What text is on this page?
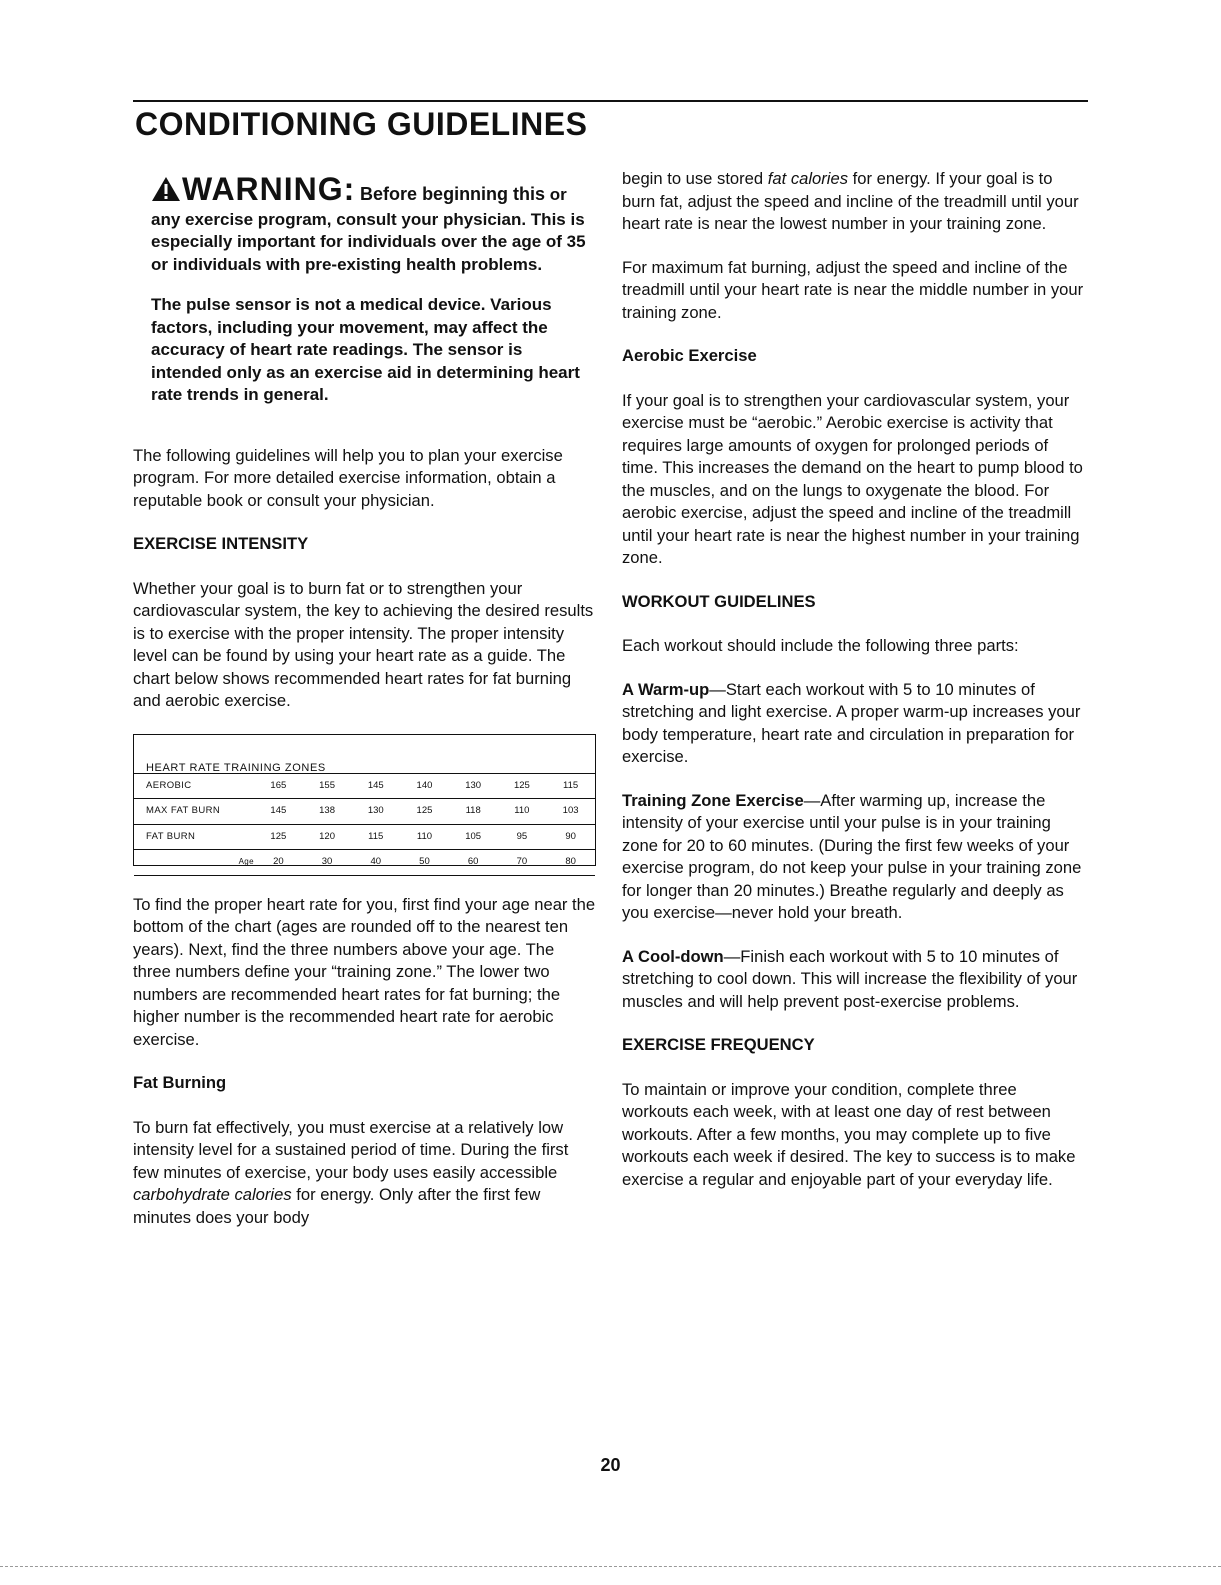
CONDITIONING GUIDELINES

WARNING: Before beginning this or any exercise program, consult your physician. This is especially important for individuals over the age of 35 or individuals with pre-existing health problems.

The pulse sensor is not a medical device. Various factors, including your movement, may affect the accuracy of heart rate readings. The sensor is intended only as an exercise aid in determining heart rate trends in general.

The following guidelines will help you to plan your exercise program. For more detailed exercise information, obtain a reputable book or consult your physician.

EXERCISE INTENSITY

Whether your goal is to burn fat or to strengthen your cardiovascular system, the key to achieving the desired results is to exercise with the proper intensity. The proper intensity level can be found by using your heart rate as a guide. The chart below shows recommended heart rates for fat burning and aerobic exercise.

HEART RATE TRAINING ZONES
AEROBIC	165	155	145	140	130	125	115
MAX FAT BURN	145	138	130	125	118	110	103
FAT BURN	125	120	115	110	105	95	90
Age	20	30	40	50	60	70	80

To find the proper heart rate for you, first find your age near the bottom of the chart (ages are rounded off to the nearest ten years). Next, find the three numbers above your age. The three numbers define your “training zone.” The lower two numbers are recommended heart rates for fat burning; the higher number is the recommended heart rate for aerobic exercise.

Fat Burning

To burn fat effectively, you must exercise at a relatively low intensity level for a sustained period of time. During the first few minutes of exercise, your body uses easily accessible carbohydrate calories for energy. Only after the first few minutes does your body

begin to use stored fat calories for energy. If your goal is to burn fat, adjust the speed and incline of the treadmill until your heart rate is near the lowest number in your training zone.

For maximum fat burning, adjust the speed and incline of the treadmill until your heart rate is near the middle number in your training zone.

Aerobic Exercise

If your goal is to strengthen your cardiovascular system, your exercise must be “aerobic.” Aerobic exercise is activity that requires large amounts of oxygen for prolonged periods of time. This increases the demand on the heart to pump blood to the muscles, and on the lungs to oxygenate the blood. For aerobic exercise, adjust the speed and incline of the treadmill until your heart rate is near the highest number in your training zone.

WORKOUT GUIDELINES

Each workout should include the following three parts:

A Warm-up—Start each workout with 5 to 10 minutes of stretching and light exercise. A proper warm-up increases your body temperature, heart rate and circulation in preparation for exercise.

Training Zone Exercise—After warming up, increase the intensity of your exercise until your pulse is in your training zone for 20 to 60 minutes. (During the first few weeks of your exercise program, do not keep your pulse in your training zone for longer than 20 minutes.) Breathe regularly and deeply as you exercise—never hold your breath.

A Cool-down—Finish each workout with 5 to 10 minutes of stretching to cool down. This will increase the flexibility of your muscles and will help prevent post-exercise problems.

EXERCISE FREQUENCY

To maintain or improve your condition, complete three workouts each week, with at least one day of rest between workouts. After a few months, you may complete up to five workouts each week if desired. The key to success is to make exercise a regular and enjoyable part of your everyday life.

20
